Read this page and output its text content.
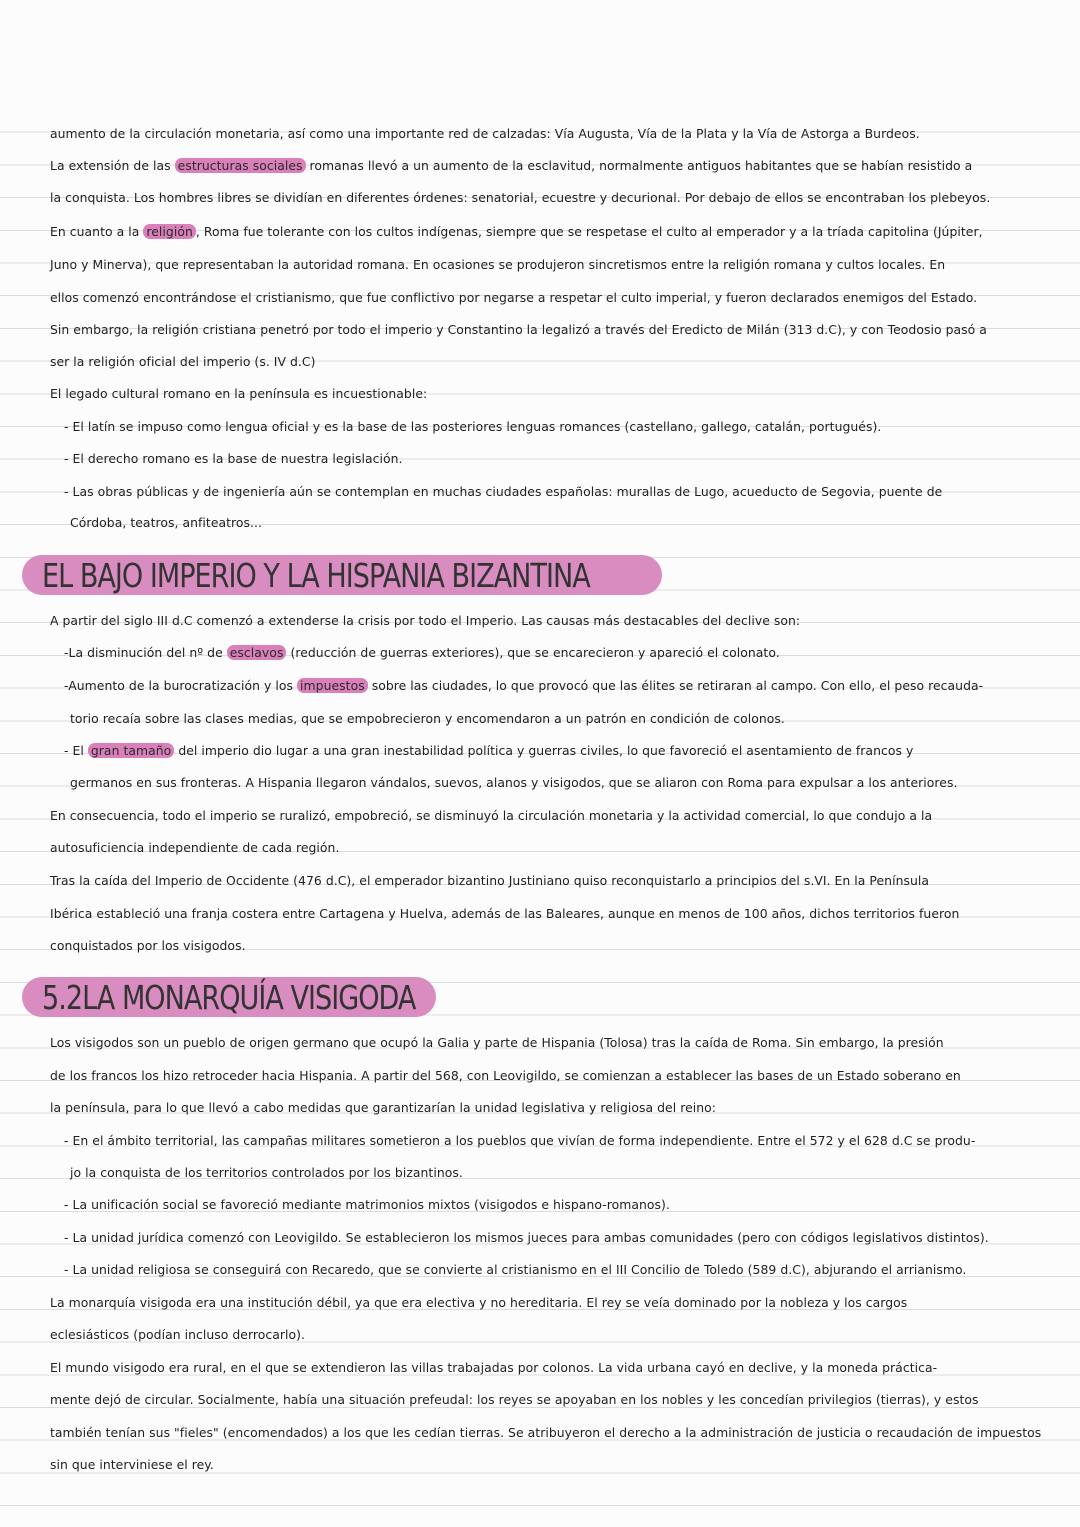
aumento de la circulación monetaria, así como una importante red de calzadas: Vía Augusta, Vía de la Plata y la Vía de Astorga a Burdeos.
La extensión de las estructuras sociales romanas llevó a un aumento de la esclavitud, normalmente antiguos habitantes que se habían resistido a
la conquista. Los hombres libres se dividían en diferentes órdenes: senatorial, ecuestre y decurional. Por debajo de ellos se encontraban los plebeyos.
En cuanto a la religión , Roma fue tolerante con los cultos indígenas, siempre que se respetase el culto al emperador y a la tríada capitolina (Júpiter,
Juno y Minerva), que representaban la autoridad romana. En ocasiones se produjeron sincretismos entre la religión romana y cultos locales. En
ellos comenzó encontrándose el cristianismo, que fue conflictivo por negarse a respetar el culto imperial, y fueron declarados enemigos del Estado.
Sin embargo, la religión cristiana penetró por todo el imperio y Constantino la legalizó a través del Eredicto de Milán (313 d.C), y con Teodosio pasó a
ser la religión oficial del imperio (s. IV d.C)
El legado cultural romano en la península es incuestionable:
- El latín se impuso como lengua oficial y es la base de las posteriores lenguas romances (castellano, gallego, catalán, portugués).
- El derecho romano es la base de nuestra legislación.
- Las obras públicas y de ingeniería aún se contemplan en muchas ciudades españolas: murallas de Lugo, acueducto de Segovia, puente de
Córdoba, teatros, anfiteatros...
EL BAJO IMPERIO Y LA HISPANIA BIZANTINA
A partir del siglo III d.C comenzó a extenderse la crisis por todo el Imperio. Las causas más destacables del declive son:
-La disminución del nº de esclavos (reducción de guerras exteriores), que se encarecieron y apareció el colonato.
-Aumento de la burocratización y los impuestos sobre las ciudades, lo que provocó que las élites se retiraran al campo. Con ello, el peso recauda-
torio recaía sobre las clases medias, que se empobrecieron y encomendaron a un patrón en condición de colonos.
- El gran tamaño del imperio dio lugar a una gran inestabilidad política y guerras civiles, lo que favoreció el asentamiento de francos y
germanos en sus fronteras. A Hispania llegaron vándalos, suevos, alanos y visigodos, que se aliaron con Roma para expulsar a los anteriores.
En consecuencia, todo el imperio se ruralizó, empobreció, se disminuyó la circulación monetaria y la actividad comercial, lo que condujo a la
autosuficiencia independiente de cada región.
Tras la caída del Imperio de Occidente (476 d.C), el emperador bizantino Justiniano quiso reconquistarlo a principios del s.VI. En la Península
Ibérica estableció una franja costera entre Cartagena y Huelva, además de las Baleares, aunque en menos de 100 años, dichos territorios fueron
conquistados por los visigodos.
5.2LA MONARQUÍA VISIGODA
Los visigodos son un pueblo de origen germano que ocupó la Galia y parte de Hispania (Tolosa) tras la caída de Roma. Sin embargo, la presión
de los francos los hizo retroceder hacia Hispania. A partir del 568, con Leovigildo, se comienzan a establecer las bases de un Estado soberano en
la península, para lo que llevó a cabo medidas que garantizarían la unidad legislativa y religiosa del reino:
- En el ámbito territorial, las campañas militares sometieron a los pueblos que vivían de forma independiente. Entre el 572 y el 628 d.C se produ-
jo la conquista de los territorios controlados por los bizantinos.
- La unificación social se favoreció mediante matrimonios mixtos (visigodos e hispano-romanos).
- La unidad jurídica comenzó con Leovigildo. Se establecieron los mismos jueces para ambas comunidades (pero con códigos legislativos distintos).
- La unidad religiosa se conseguirá con Recaredo, que se convierte al cristianismo en el III Concilio de Toledo (589 d.C), abjurando el arrianismo.
La monarquía visigoda era una institución débil, ya que era electiva y no hereditaria. El rey se veía dominado por la nobleza y los cargos
eclesiásticos (podían incluso derrocarlo).
El mundo visigodo era rural, en el que se extendieron las villas trabajadas por colonos. La vida urbana cayó en declive, y la moneda práctica-
mente dejó de circular. Socialmente, había una situación prefeudal: los reyes se apoyaban en los nobles y les concedían privilegios (tierras), y estos
también tenían sus "fieles" (encomendados) a los que les cedían tierras. Se atribuyeron el derecho a la administración de justicia o recaudación de impuestos
sin que interviniese el rey.
